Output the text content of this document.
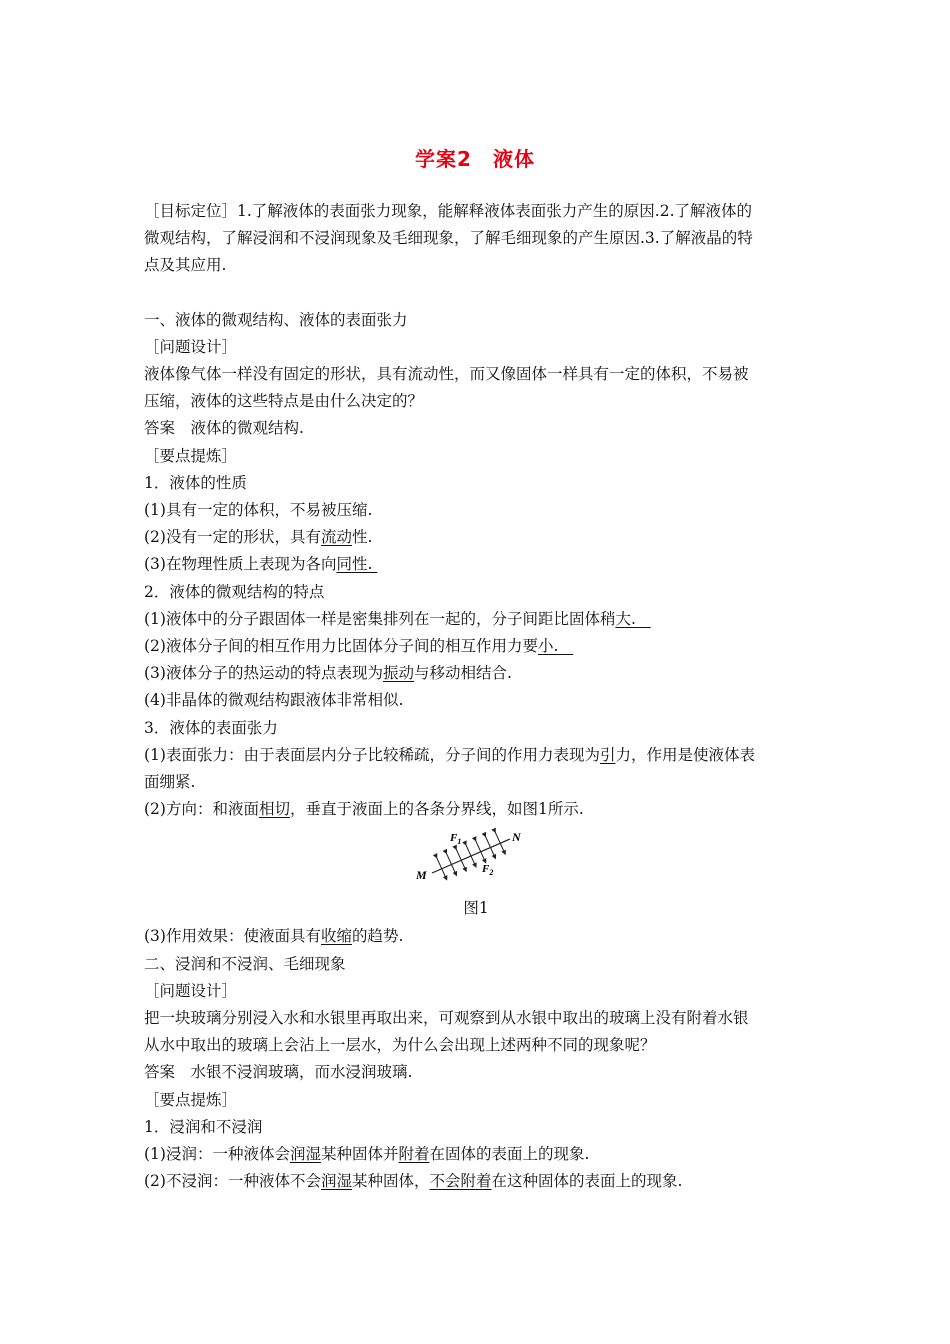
学案2　液体

［目标定位］1.了解液体的表面张力现象，能解释液体表面张力产生的原因.2.了解液体的

微观结构，了解浸润和不浸润现象及毛细现象，了解毛细现象的产生原因.3.了解液晶的特

点及其应用.

一、液体的微观结构、液体的表面张力

［问题设计］

液体像气体一样没有固定的形状，具有流动性，而又像固体一样具有一定的体积，不易被

压缩，液体的这些特点是由什么决定的？

答案　液体的微观结构.

［要点提炼］

1．液体的性质

(1)具有一定的体积，不易被压缩.

(2)没有一定的形状，具有流动性.

(3)在物理性质上表现为各向同性.

2．液体的微观结构的特点

(1)液体中的分子跟固体一样是密集排列在一起的，分子间距比固体稍大.

(2)液体分子间的相互作用力比固体分子间的相互作用力要小.

(3)液体分子的热运动的特点表现为振动与移动相结合.

(4)非晶体的微观结构跟液体非常相似.

3．液体的表面张力

(1)表面张力：由于表面层内分子比较稀疏，分子间的作用力表现为引力，作用是使液体表

面绷紧.

(2)方向：和液面相切，垂直于液面上的各条分界线，如图1所示.

M
N
$F_1$
$F_2$

图1

(3)作用效果：使液面具有收缩的趋势.

二、浸润和不浸润、毛细现象

［问题设计］

把一块玻璃分别浸入水和水银里再取出来，可观察到从水银中取出的玻璃上没有附着水银

从水中取出的玻璃上会沾上一层水，为什么会出现上述两种不同的现象呢？

答案　水银不浸润玻璃，而水浸润玻璃.

［要点提炼］

1．浸润和不浸润

(1)浸润：一种液体会润湿某种固体并附着在固体的表面上的现象.

(2)不浸润：一种液体不会润湿某种固体，不会附着在这种固体的表面上的现象.
